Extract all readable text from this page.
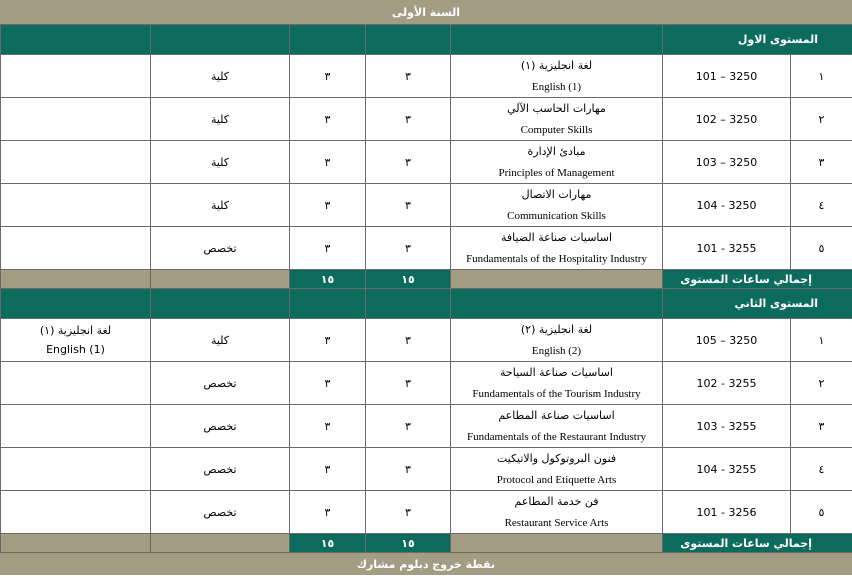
السنة الأولى
المستوى الاول						
١	3250 – 101	لغة انجليزية (١)
English (1)	٣	٣	كلية	
٢	3250 – 102	مهارات الحاسب الآلي
Computer Skills	٣	٣	كلية	
٣	3250 – 103	مبادئ الإدارة
Principles of Management	٣	٣	كلية	
٤	3250 - 104	مهارات الاتصال
Communication Skills	٣	٣	كلية	
٥	3255 - 101	اساسيات صناعة الضيافة
Fundamentals of the Hospitality Industry	٣	٣	تخصص	
إجمالي ساعات المستوى			١٥	١٥		
المستوى الثاني						
١	3250 – 105	لغة انجليزية (٢)
English (2)	٣	٣	كلية	لغة انجليزية (١)
English (1)

٢	3255 - 102	اساسيات صناعة السياحة
Fundamentals of the Tourism Industry	٣	٣	تخصص	
٣	3255 - 103	اساسيات صناعة المطاعم
Fundamentals of the Restaurant Industry	٣	٣	تخصص	
٤	3255 - 104	فنون البروتوكول والاتيكيت
Protocol and Etiquette Arts	٣	٣	تخصص	
٥	3256 - 101	فن خدمة المطاعم
Restaurant Service Arts	٣	٣	تخصص	
إجمالي ساعات المستوى			١٥	١٥		
نقطة خروج دبلوم مشارك
